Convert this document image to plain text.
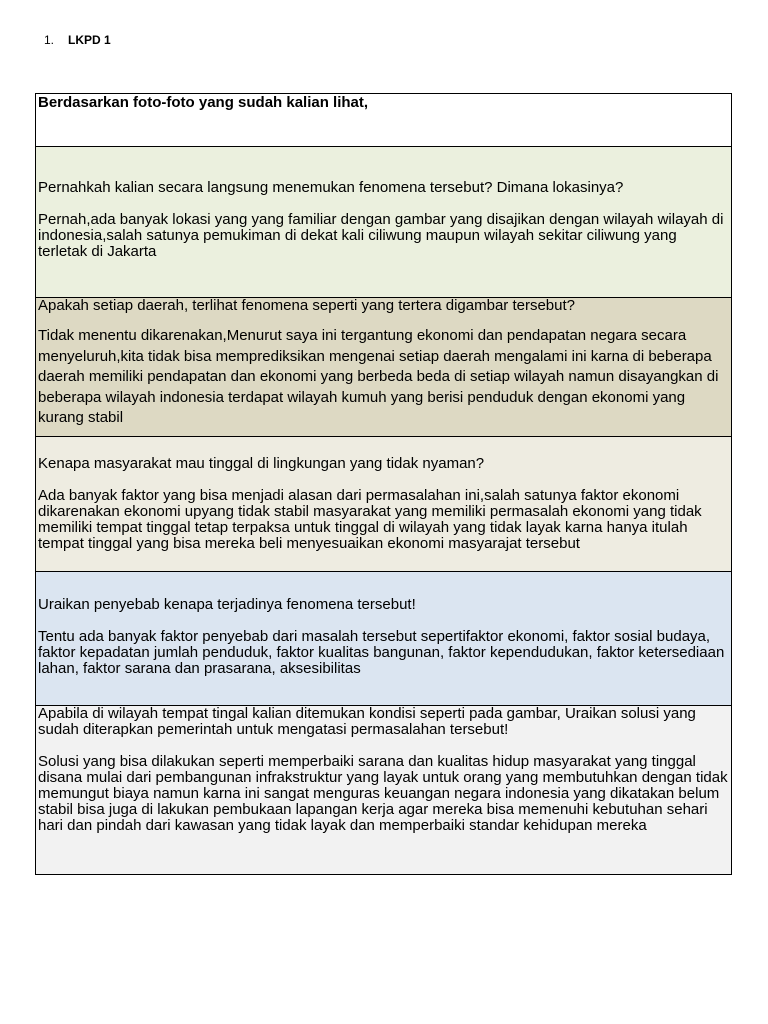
1.	LKPD 1
Berdasarkan foto-foto yang sudah kalian lihat,

Pernahkah kalian secara langsung menemukan fenomena tersebut? Dimana lokasinya?

Pernah,ada banyak lokasi yang yang familiar dengan gambar yang disajikan dengan wilayah wilayah di indonesia,salah satunya pemukiman di dekat kali ciliwung maupun wilayah sekitar ciliwung yang terletak di Jakarta

Apakah setiap daerah, terlihat fenomena seperti yang tertera digambar tersebut?

Tidak menentu dikarenakan,Menurut saya ini tergantung ekonomi dan pendapatan negara secara menyeluruh,kita tidak bisa memprediksikan mengenai setiap daerah mengalami ini karna di beberapa daerah memiliki pendapatan dan ekonomi yang berbeda beda di setiap wilayah namun disayangkan di beberapa wilayah indonesia terdapat wilayah kumuh yang berisi penduduk dengan ekonomi yang kurang stabil

Kenapa masyarakat mau tinggal di lingkungan yang tidak nyaman?

Ada banyak faktor yang bisa menjadi alasan dari permasalahan ini,salah satunya faktor ekonomi dikarenakan ekonomi upyang tidak stabil masyarakat yang memiliki permasalah ekonomi yang tidak memiliki tempat tinggal tetap terpaksa untuk tinggal di wilayah yang tidak layak karna hanya itulah tempat tinggal yang bisa mereka beli menyesuaikan ekonomi masyarajat tersebut

Uraikan penyebab kenapa terjadinya fenomena tersebut!

Tentu ada banyak faktor penyebab dari masalah tersebut sepertifaktor ekonomi, faktor sosial budaya, faktor kepadatan jumlah penduduk, faktor kualitas bangunan, faktor kependudukan, faktor ketersediaan lahan, faktor sarana dan prasarana, aksesibilitas

Apabila di wilayah tempat tingal kalian ditemukan kondisi seperti pada gambar, Uraikan solusi yang sudah diterapkan pemerintah untuk mengatasi permasalahan tersebut!

Solusi yang bisa dilakukan seperti memperbaiki sarana dan kualitas hidup masyarakat yang tinggal disana mulai dari pembangunan infrakstruktur yang layak untuk orang yang membutuhkan dengan tidak memungut biaya namun karna ini sangat menguras keuangan negara indonesia yang dikatakan belum stabil bisa juga di lakukan pembukaan lapangan kerja agar mereka bisa memenuhi kebutuhan sehari hari dan pindah dari kawasan yang tidak layak dan memperbaiki standar kehidupan mereka
